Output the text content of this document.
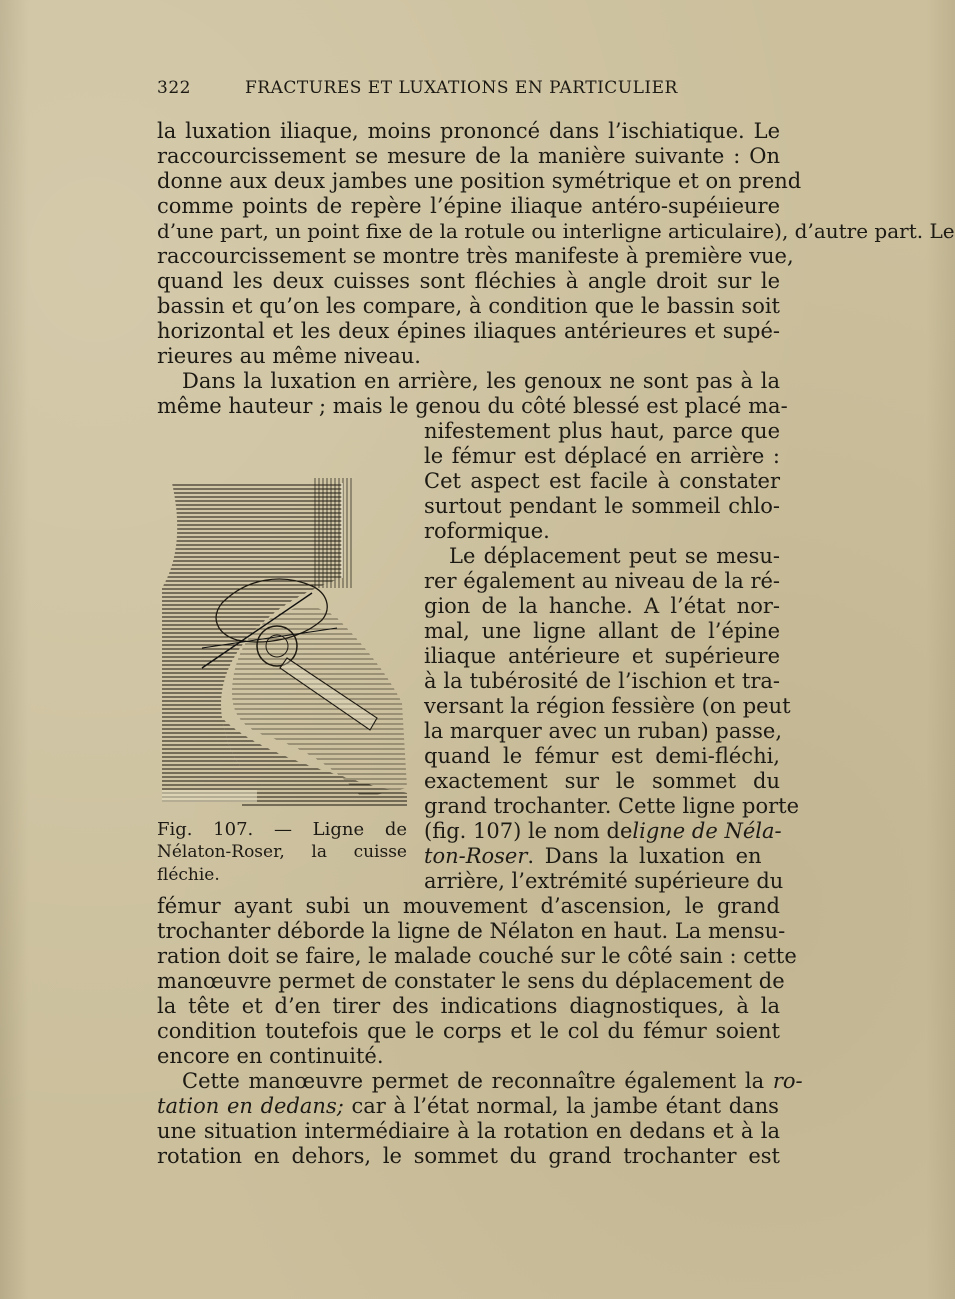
322	FRACTURES ET LUXATIONS EN PARTICULIER
la luxation iliaque, moins prononcé dans l’ischiatique. Le
raccourcissement se mesure de la manière suivante : On
donne aux deux jambes une position symétrique et on prend
comme points de repère l’épine iliaque antéro-supéıieure
d’une part, un point fixe de la rotule ou interligne articulaire), d’autre part. Le
raccourcissement se montre très manifeste à première vue,
quand les deux cuisses sont fléchies à angle droit sur le
bassin et qu’on les compare, à condition que le bassin soit
horizontal et les deux épines iliaques antérieures et supé-
rieures au même niveau.
Dans la luxation en arrière, les genoux ne sont pas à la
même hauteur ; mais le genou du côté blessé est placé ma-
nifestement plus haut, parce que
le fémur est déplacé en arrière :
Cet aspect est facile à constater
surtout pendant le sommeil chlo-
roformique.
Le déplacement peut se mesu-
rer également au niveau de la ré-
gion de la hanche. A l’état nor-
mal, une ligne allant de l’épine
iliaque antérieure et supérieure
à la tubérosité de l’ischion et tra-
versant la région fessière (on peut
la marquer avec un ruban) passe,
quand le fémur est demi-fléchi,
exactement sur le sommet du
grand trochanter. Cette ligne porte
(fig. 107) le nom deligne de Néla-
ton-Roser. Dans la luxation en
arrière, l’extrémité supérieure du
fémur ayant subi un mouvement d’ascension, le grand
trochanter déborde la ligne de Nélaton en haut. La mensu-
ration doit se faire, le malade couché sur le côté sain : cette
manœuvre permet de constater le sens du déplacement de
la tête et d’en tirer des indications diagnostiques, à la
condition toutefois que le corps et le col du fémur soient
encore en continuité.
Cette manœuvre permet de reconnaître également la ro-
tation en dedans; car à l’état normal, la jambe étant dans
une situation intermédiaire à la rotation en dedans et à la
rotation en dehors, le sommet du grand trochanter est
Fig. 107. — Ligne de
Nélaton-Roser, la cuisse
fléchie.
